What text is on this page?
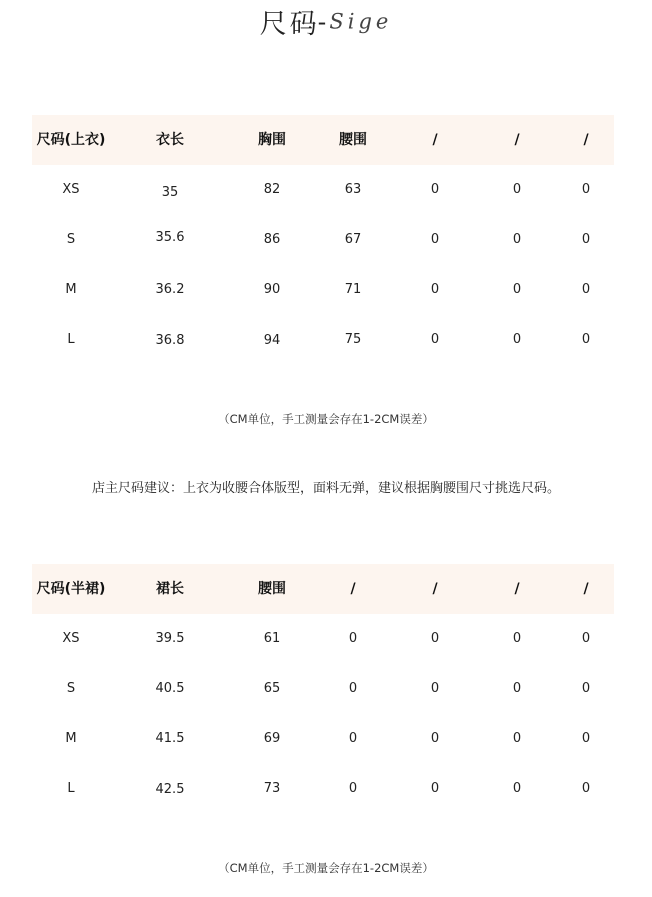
尺码- Sige
尺码(上衣)	衣长	胸围	腰围	/	/	/
XS	35	82	63	0	0	0
S	35.6	86	67	0	0	0
M	36.2	90	71	0	0	0
L	36.8	94	75	0	0	0
（CM单位，手工测量会存在1-2CM误差）
店主尺码建议：上衣为收腰合体版型，面料无弹，建议根据胸腰围尺寸挑选尺码。
尺码(半裙)	裙长	腰围	/	/	/	/
XS	39.5	61	0	0	0	0
S	40.5	65	0	0	0	0
M	41.5	69	0	0	0	0
L	42.5	73	0	0	0	0
（CM单位，手工测量会存在1-2CM误差）
